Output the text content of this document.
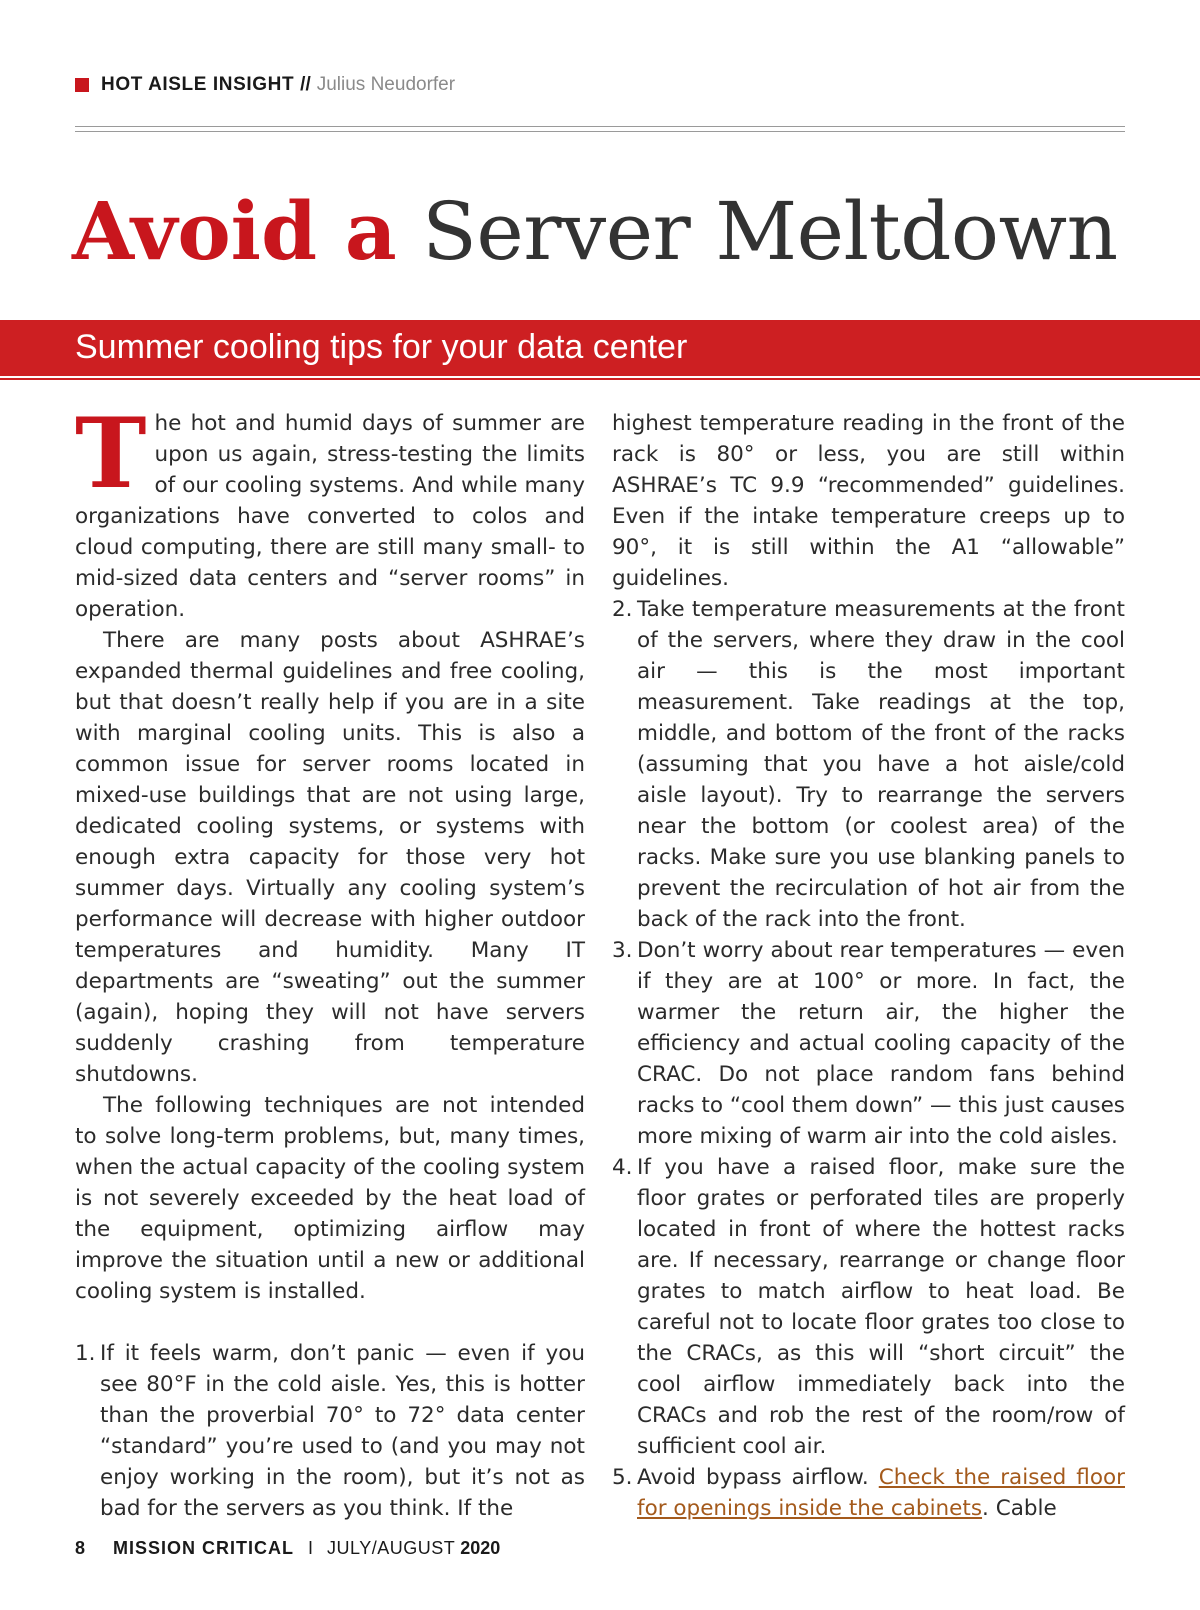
HOT AISLE INSIGHT // Julius Neudorfer
Avoid a Server Meltdown
Summer cooling tips for your data center

The hot and humid days of summer are upon us again, stress-testing the limits of our cooling systems. And while many organizations have converted to colos and cloud computing, there are still many small- to mid-sized data centers and “server rooms” in operation.

There are many posts about ASHRAE’s expanded thermal guidelines and free cooling, but that doesn’t really help if you are in a site with marginal cooling units. This is also a common issue for server rooms located in mixed-use buildings that are not using large, dedicated cooling systems, or systems with enough extra capacity for those very hot summer days. Virtually any cooling system’s performance will decrease with higher outdoor temperatures and humidity. Many IT departments are “sweating” out the summer (again), hoping they will not have servers suddenly crashing from temperature shutdowns.

The following techniques are not intended to solve long-term problems, but, many times, when the actual capacity of the cooling system is not severely exceeded by the heat load of the equipment, optimizing airflow may improve the situation until a new or additional cooling system is installed.

1. If it feels warm, don’t panic — even if you see 80°F in the cold aisle. Yes, this is hotter than the proverbial 70° to 72° data center “standard” you’re used to (and you may not enjoy working in the room), but it’s not as bad for the servers as you think. If the

highest temperature reading in the front of the rack is 80° or less, you are still within ASHRAE’s TC 9.9 “recommended” guidelines. Even if the intake temperature creeps up to 90°, it is still within the A1 “allowable” guidelines.

2. Take temperature measurements at the front of the servers, where they draw in the cool air — this is the most important measurement. Take readings at the top, middle, and bottom of the front of the racks (assuming that you have a hot aisle/cold aisle layout). Try to rearrange the servers near the bottom (or coolest area) of the racks. Make sure you use blanking panels to prevent the recirculation of hot air from the back of the rack into the front.
3. Don’t worry about rear temperatures — even if they are at 100° or more. In fact, the warmer the return air, the higher the efficiency and actual cooling capacity of the CRAC. Do not place random fans behind racks to “cool them down” — this just causes more mixing of warm air into the cold aisles.
4. If you have a raised floor, make sure the floor grates or perforated tiles are properly located in front of where the hottest racks are. If necessary, rearrange or change floor grates to match airflow to heat load. Be careful not to locate floor grates too close to the CRACs, as this will “short circuit” the cool airflow immediately back into the CRACs and rob the rest of the room/row of sufficient cool air.
5. Avoid bypass airflow. Check the raised floor for openings inside the cabinets. Cable
8 MISSION CRITICAL I JULY/AUGUST 2020
